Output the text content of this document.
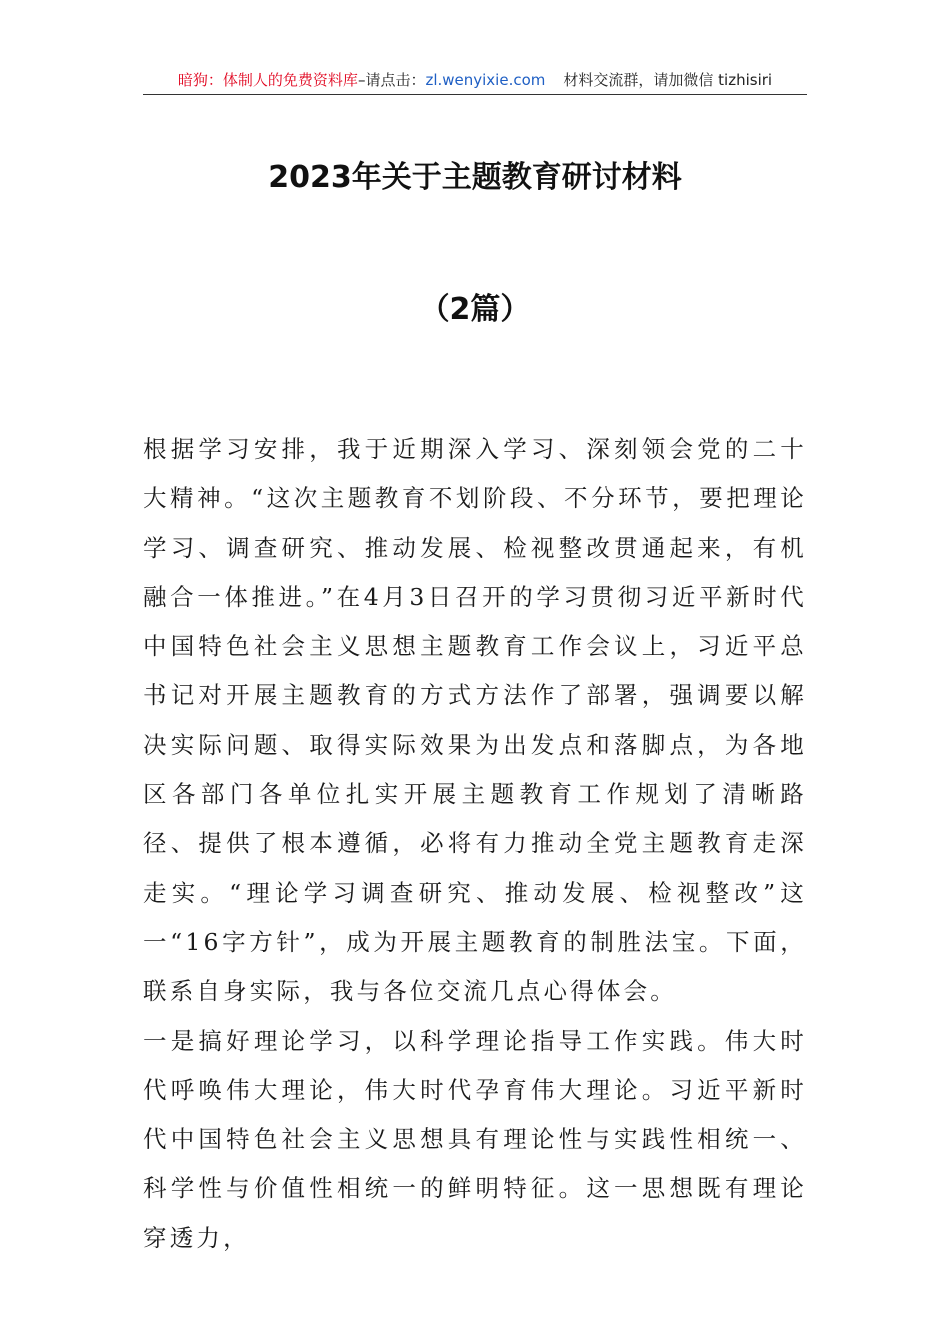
暗狗：体制人的免费资料库–请点击：zl.wenyixie.com 材料交流群，请加微信 tizhisiri
2023年关于主题教育研讨材料
（2篇）

根据学习安排，我于近期深入学习、深刻领会党的二十大精神。“这次主题教育不划阶段、不分环节，要把理论学习、调查研究、推动发展、检视整改贯通起来，有机融合一体推进。”在4月3日召开的学习贯彻习近平新时代中国特色社会主义思想主题教育工作会议上，习近平总书记对开展主题教育的方式方法作了部署，强调要以解决实际问题、取得实际效果为出发点和落脚点，为各地区各部门各单位扎实开展主题教育工作规划了清晰路径、提供了根本遵循，必将有力推动全党主题教育走深走实。“理论学习调查研究、推动发展、检视整改”这一“16字方针”，成为开展主题教育的制胜法宝。下面，联系自身实际，我与各位交流几点心得体会。

一是搞好理论学习，以科学理论指导工作实践。伟大时代呼唤伟大理论，伟大时代孕育伟大理论。习近平新时代中国特色社会主义思想具有理论性与实践性相统一、科学性与价值性相统一的鲜明特征。这一思想既有理论穿透力，
